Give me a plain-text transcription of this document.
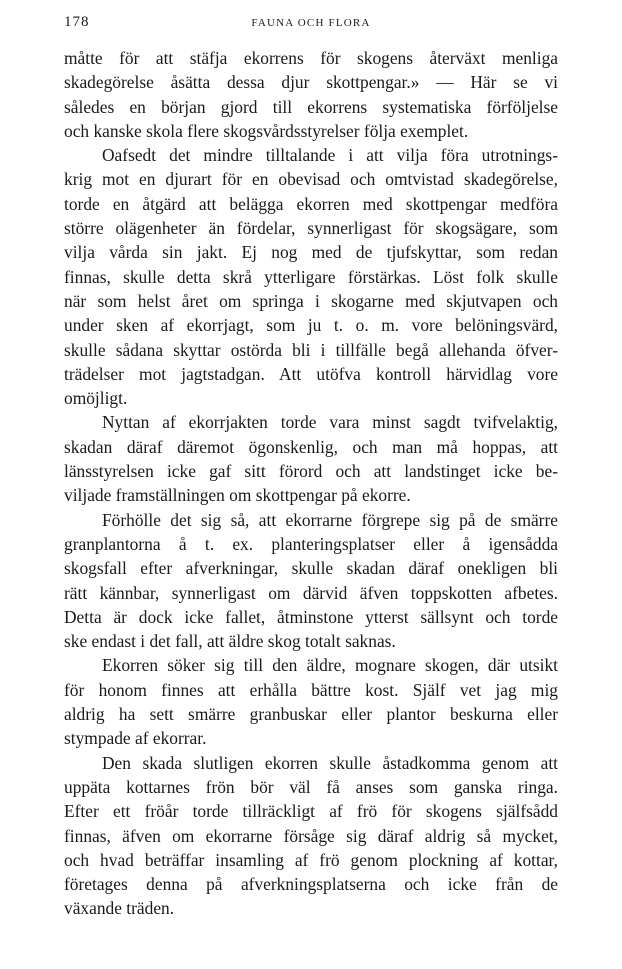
178	FAUNA OCH FLORA
måtte för att stäfja ekorrens för skogens återväxt menliga
skadegörelse åsätta dessa djur skottpengar.» — Här se vi
således en början gjord till ekorrens systematiska förföljelse
och kanske skola flere skogsvårdsstyrelser följa exemplet.
Oafsedt det mindre tilltalande i att vilja föra utrotnings-
krig mot en djurart för en obevisad och omtvistad skadegörelse,
torde en åtgärd att belägga ekorren med skottpengar medföra
större olägenheter än fördelar, synnerligast för skogsägare, som
vilja vårda sin jakt. Ej nog med de tjufskyttar, som redan
finnas, skulle detta skrå ytterligare förstärkas. Löst folk skulle
när som helst året om springa i skogarne med skjutvapen och
under sken af ekorrjagt, som ju t. o. m. vore belöningsvärd,
skulle sådana skyttar ostörda bli i tillfälle begå allehanda öfver-
trädelser mot jagtstadgan. Att utöfva kontroll härvidlag vore
omöjligt.
Nyttan af ekorrjakten torde vara minst sagdt tvifvelaktig,
skadan däraf däremot ögonskenlig, och man må hoppas, att
länsstyrelsen icke gaf sitt förord och att landstinget icke be-
viljade framställningen om skottpengar på ekorre.
Förhölle det sig så, att ekorrarne förgrepe sig på de smärre
granplantorna å t. ex. planteringsplatser eller å igensådda
skogsfall efter afverkningar, skulle skadan däraf onekligen bli
rätt kännbar, synnerligast om därvid äfven toppskotten afbetes.
Detta är dock icke fallet, åtminstone ytterst sällsynt och torde
ske endast i det fall, att äldre skog totalt saknas.
Ekorren söker sig till den äldre, mognare skogen, där utsikt
för honom finnes att erhålla bättre kost. Själf vet jag mig
aldrig ha sett smärre granbuskar eller plantor beskurna eller
stympade af ekorrar.
Den skada slutligen ekorren skulle åstadkomma genom att
uppäta kottarnes frön bör väl få anses som ganska ringa.
Efter ett fröår torde tillräckligt af frö för skogens själfsådd
finnas, äfven om ekorrarne försåge sig däraf aldrig så mycket,
och hvad beträffar insamling af frö genom plockning af kottar,
företages denna på afverkningsplatserna och icke från de
växande träden.
